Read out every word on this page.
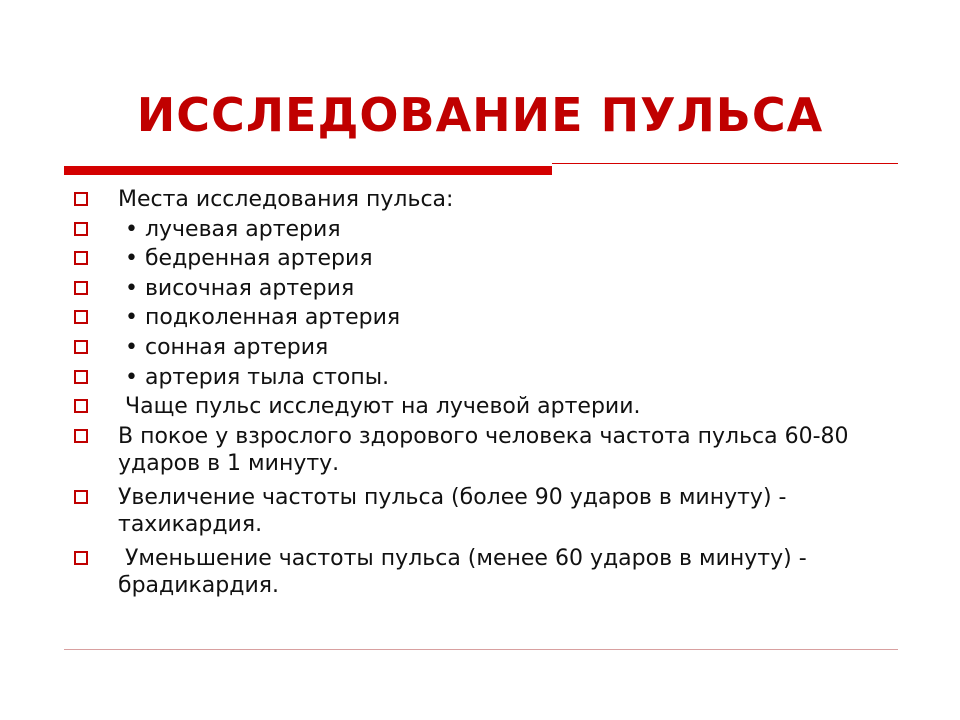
ИССЛЕДОВАНИЕ ПУЛЬСА
Места исследования пульса:
• лучевая артерия
• бедренная артерия
• височная артерия
• подколенная артерия
• сонная артерия
• артерия тыла стопы.
Чаще пульс исследуют на лучевой артерии.
В покое у взрослого здорового человека частота пульса 60-80 ударов в 1 минуту.
Увеличение частоты пульса (более 90 ударов в минуту) - тахикардия.
Уменьшение частоты пульса (менее 60 ударов в минуту) - брадикардия.
